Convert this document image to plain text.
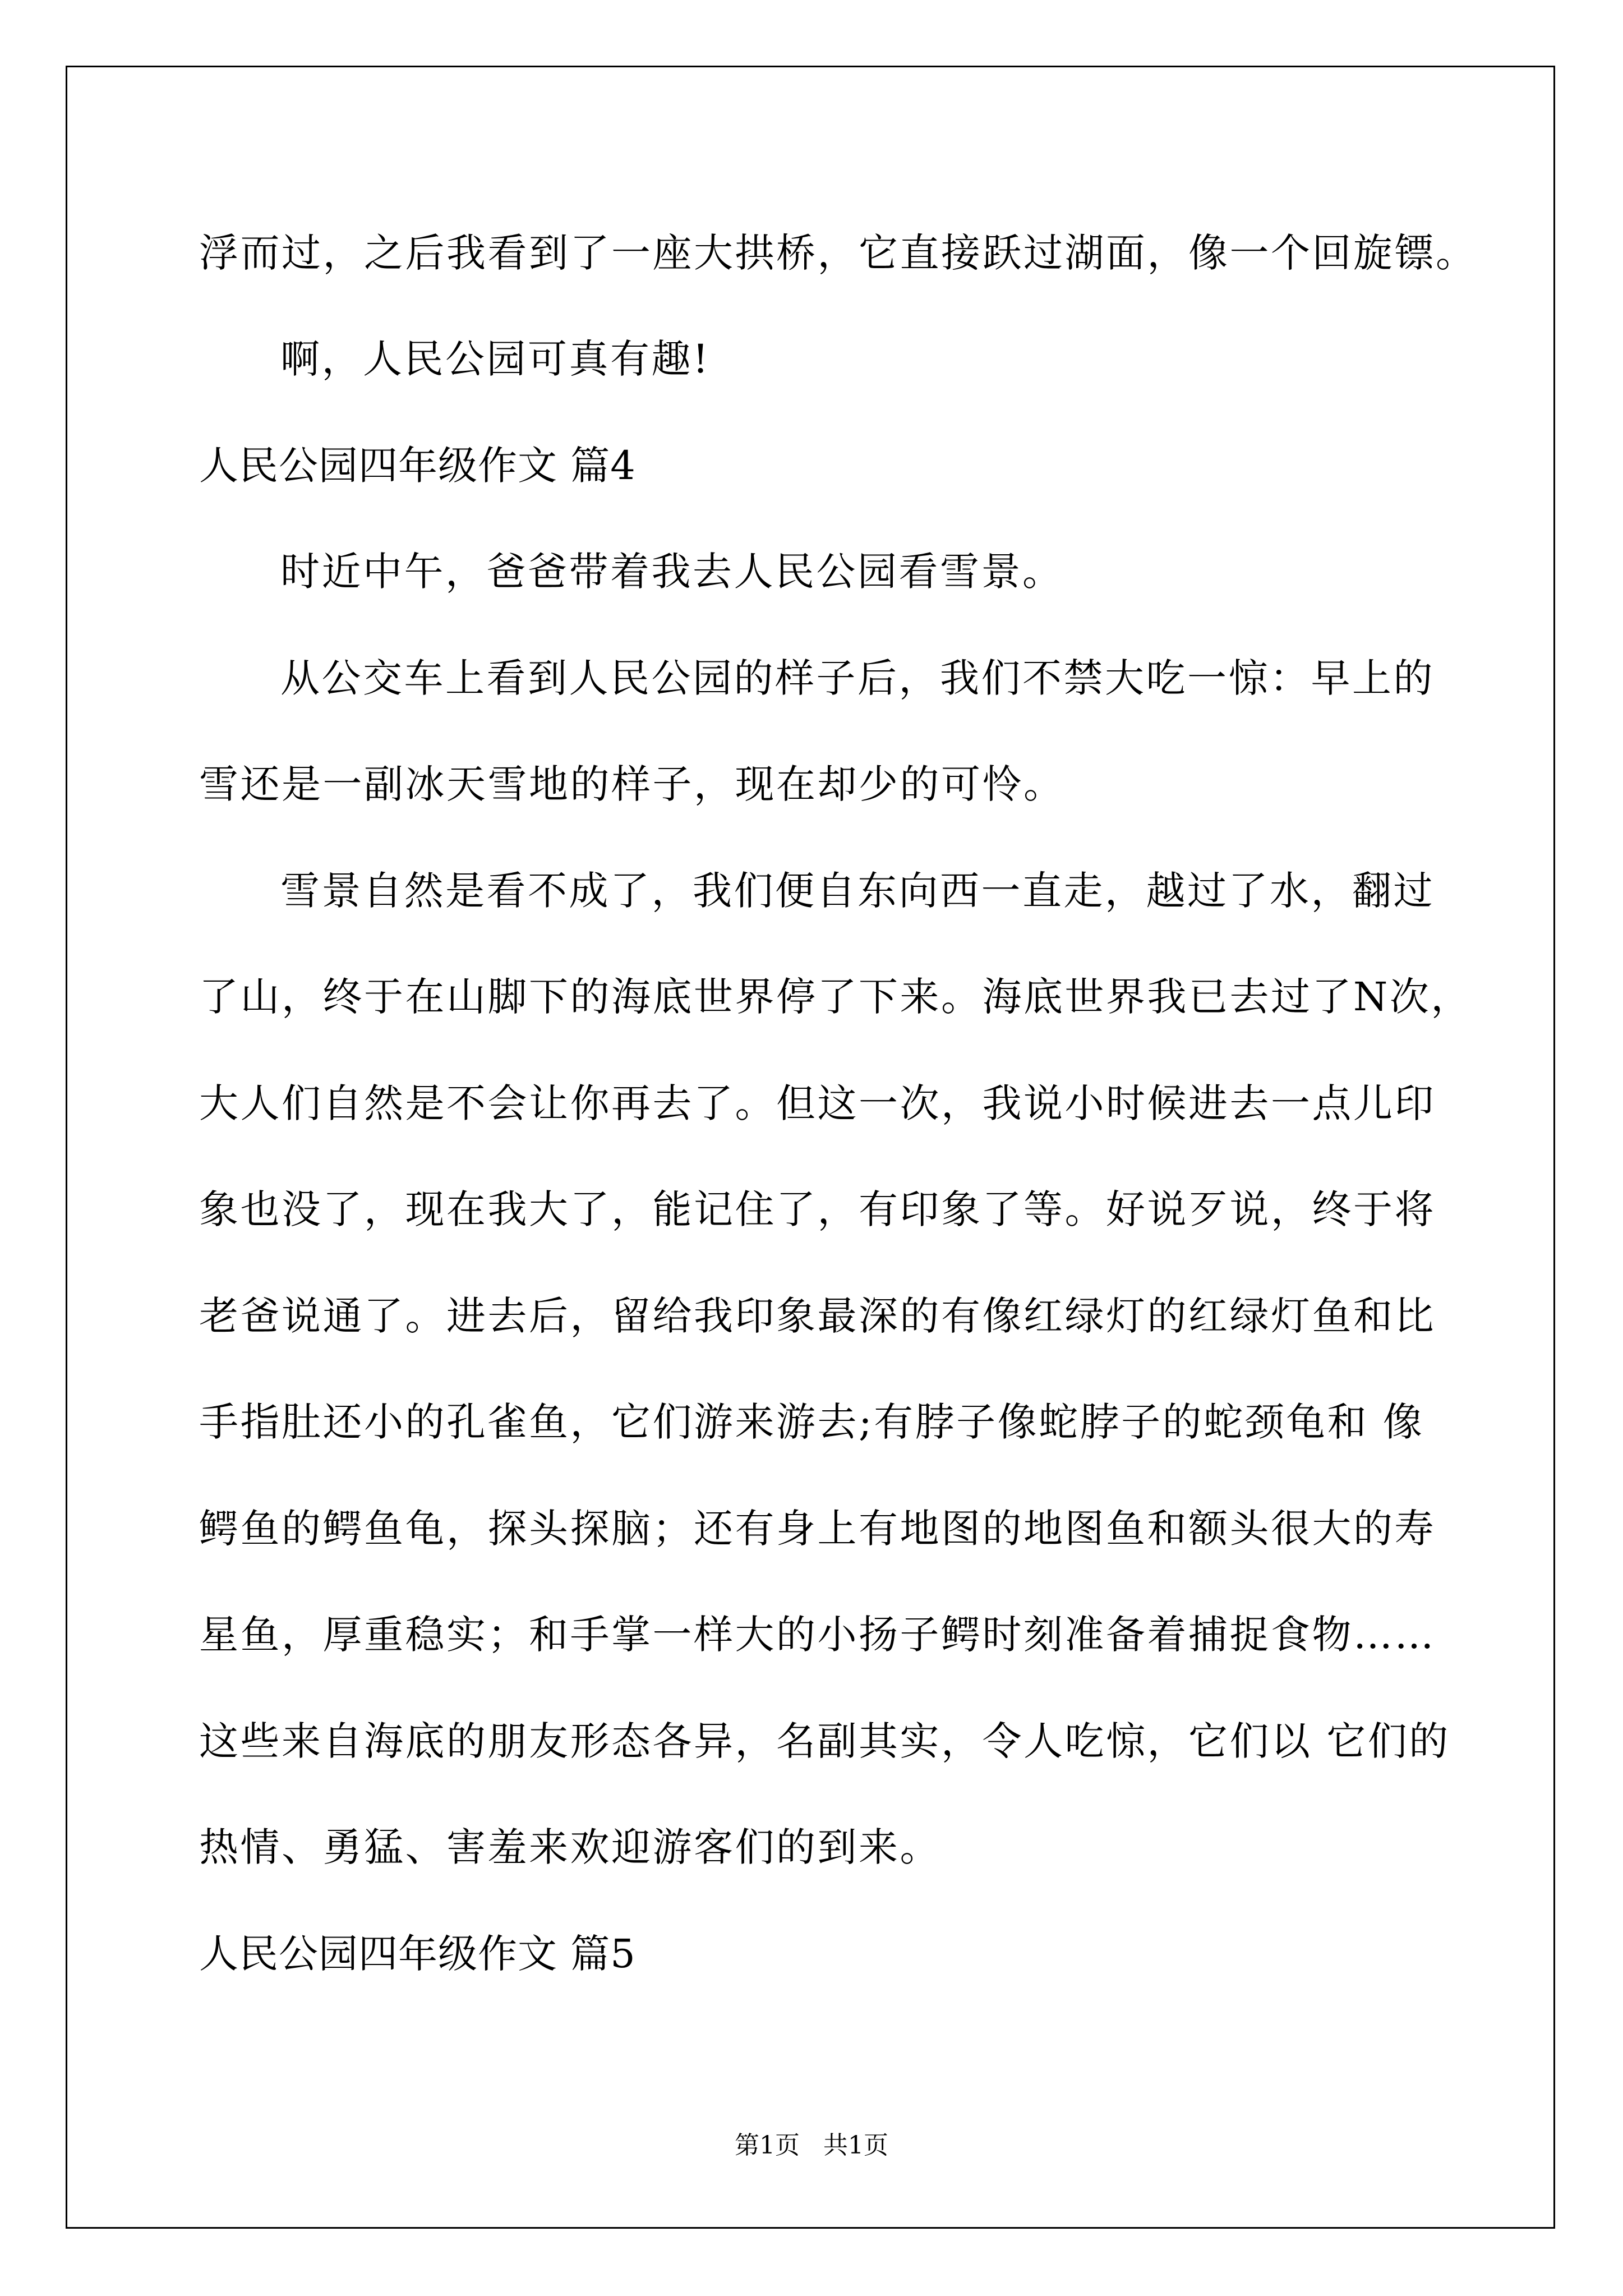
浮而过，之后我看到了一座大拱桥，它直接跃过湖面，像一个回旋镖。
啊，人民公园可真有趣!
人民公园四年级作文 篇4
时近中午，爸爸带着我去人民公园看雪景。
从公交车上看到人民公园的样子后，我们不禁大吃一惊：早上的
雪还是一副冰天雪地的样子，现在却少的可怜。
雪景自然是看不成了，我们便自东向西一直走，越过了水，翻过
了山，终于在山脚下的海底世界停了下来。海底世界我已去过了N次，
大人们自然是不会让你再去了。但这一次，我说小时候进去一点儿印
象也没了，现在我大了，能记住了，有印象了等。好说歹说，终于将
老爸说通了。进去后，留给我印象最深的有像红绿灯的红绿灯鱼和比
手指肚还小的孔雀鱼，它们游来游去;有脖子像蛇脖子的蛇颈龟和 像
鳄鱼的鳄鱼龟，探头探脑；还有身上有地图的地图鱼和额头很大的寿
星鱼，厚重稳实；和手掌一样大的小扬子鳄时刻准备着捕捉食物……
这些来自海底的朋友形态各异，名副其实，令人吃惊，它们以 它们的
热情、勇猛、害羞来欢迎游客们的到来。
人民公园四年级作文 篇5
第1页   共1页
